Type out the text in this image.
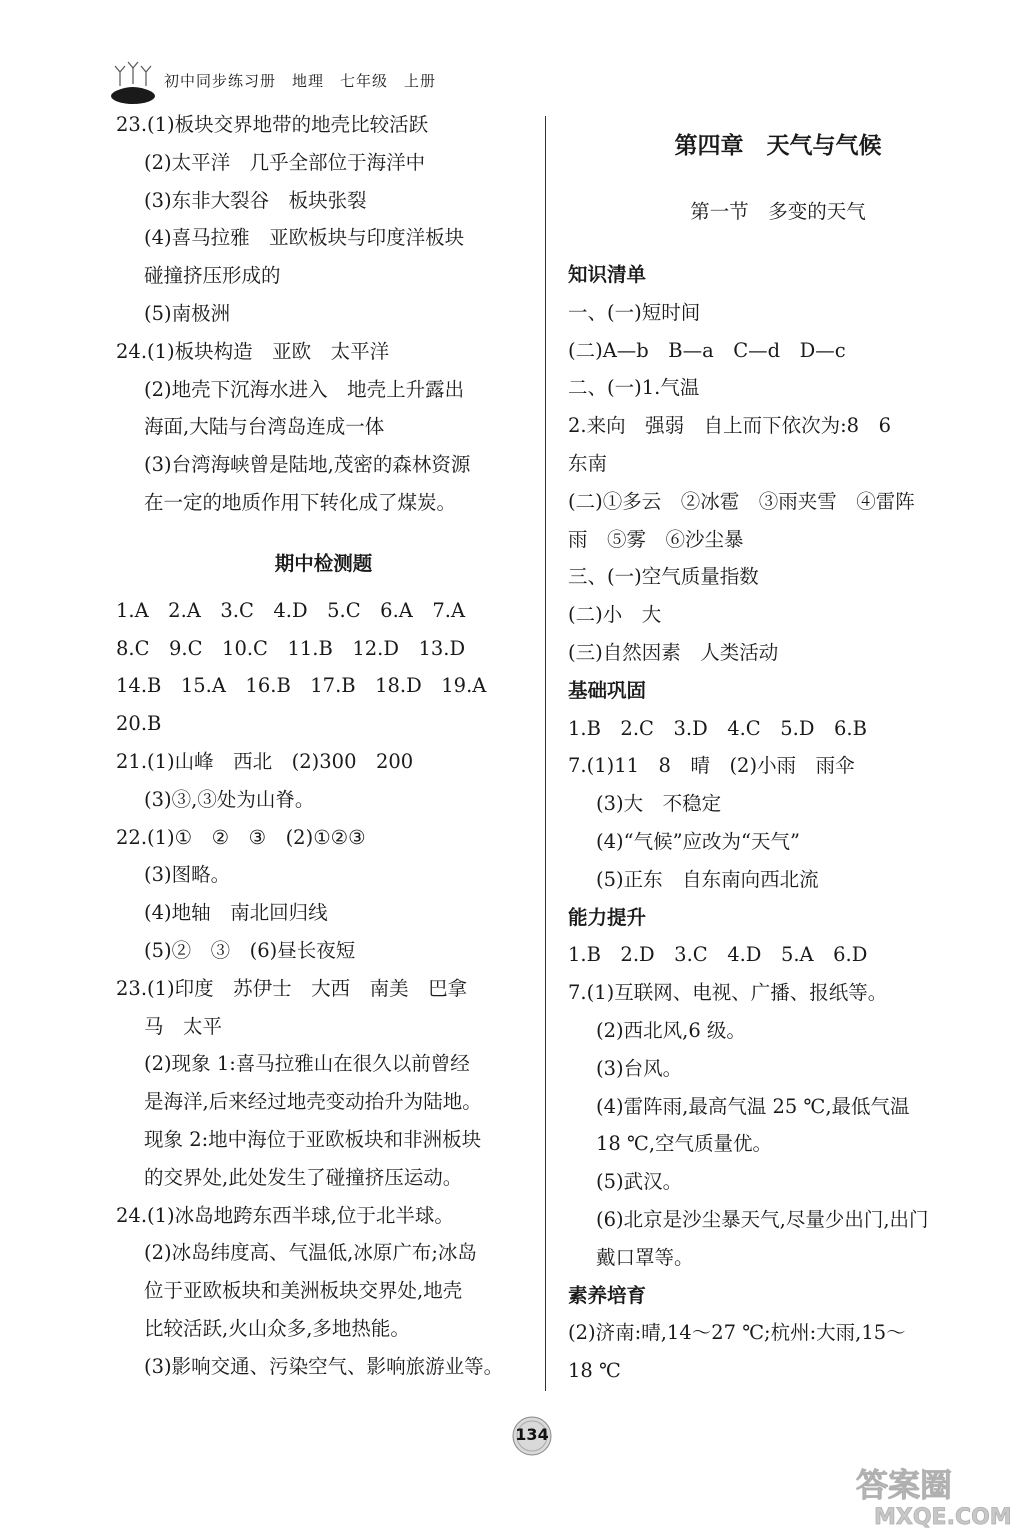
初中同步练习册　地理　七年级　上册
23.(1)板块交界地带的地壳比较活跃
(2)太平洋　几乎全部位于海洋中
(3)东非大裂谷　板块张裂
(4)喜马拉雅　亚欧板块与印度洋板块
碰撞挤压形成的
(5)南极洲
24.(1)板块构造　亚欧　太平洋
(2)地壳下沉海水进入　地壳上升露出
海面,大陆与台湾岛连成一体
(3)台湾海峡曾是陆地,茂密的森林资源
在一定的地质作用下转化成了煤炭。
期中检测题
1.A　2.A　3.C　4.D　5.C　6.A　7.A
8.C　9.C　10.C　11.B　12.D　13.D
14.B　15.A　16.B　17.B　18.D　19.A
20.B
21.(1)山峰　西北　(2)300　200
(3)③,③处为山脊。
22.(1)①　②　③　(2)①②③
(3)图略。
(4)地轴　南北回归线
(5)②　③　(6)昼长夜短
23.(1)印度　苏伊士　大西　南美　巴拿
马　太平
(2)现象 1:喜马拉雅山在很久以前曾经
是海洋,后来经过地壳变动抬升为陆地。
现象 2:地中海位于亚欧板块和非洲板块
的交界处,此处发生了碰撞挤压运动。
24.(1)冰岛地跨东西半球,位于北半球。
(2)冰岛纬度高、气温低,冰原广布;冰岛
位于亚欧板块和美洲板块交界处,地壳
比较活跃,火山众多,多地热能。
(3)影响交通、污染空气、影响旅游业等。
第四章　天气与气候
第一节　多变的天气
知识清单
一、(一)短时间
(二)A—b　B—a　C—d　D—c
二、(一)1.气温
2.来向　强弱　自上而下依次为:8　6
东南
(二)①多云　②冰雹　③雨夹雪　④雷阵
雨　⑤雾　⑥沙尘暴
三、(一)空气质量指数
(二)小　大
(三)自然因素　人类活动
基础巩固
1.B　2.C　3.D　4.C　5.D　6.B
7.(1)11　8　晴　(2)小雨　雨伞
(3)大　不稳定
(4)“气候”应改为“天气”
(5)正东　自东南向西北流
能力提升
1.B　2.D　3.C　4.D　5.A　6.D
7.(1)互联网、电视、广播、报纸等。
(2)西北风,6 级。
(3)台风。
(4)雷阵雨,最高气温 25 ℃,最低气温
18 ℃,空气质量优。
(5)武汉。
(6)北京是沙尘暴天气,尽量少出门,出门
戴口罩等。
素养培育
(2)济南:晴,14～27 ℃;杭州:大雨,15～
18 ℃
134
答案圈
MXQE.COM
